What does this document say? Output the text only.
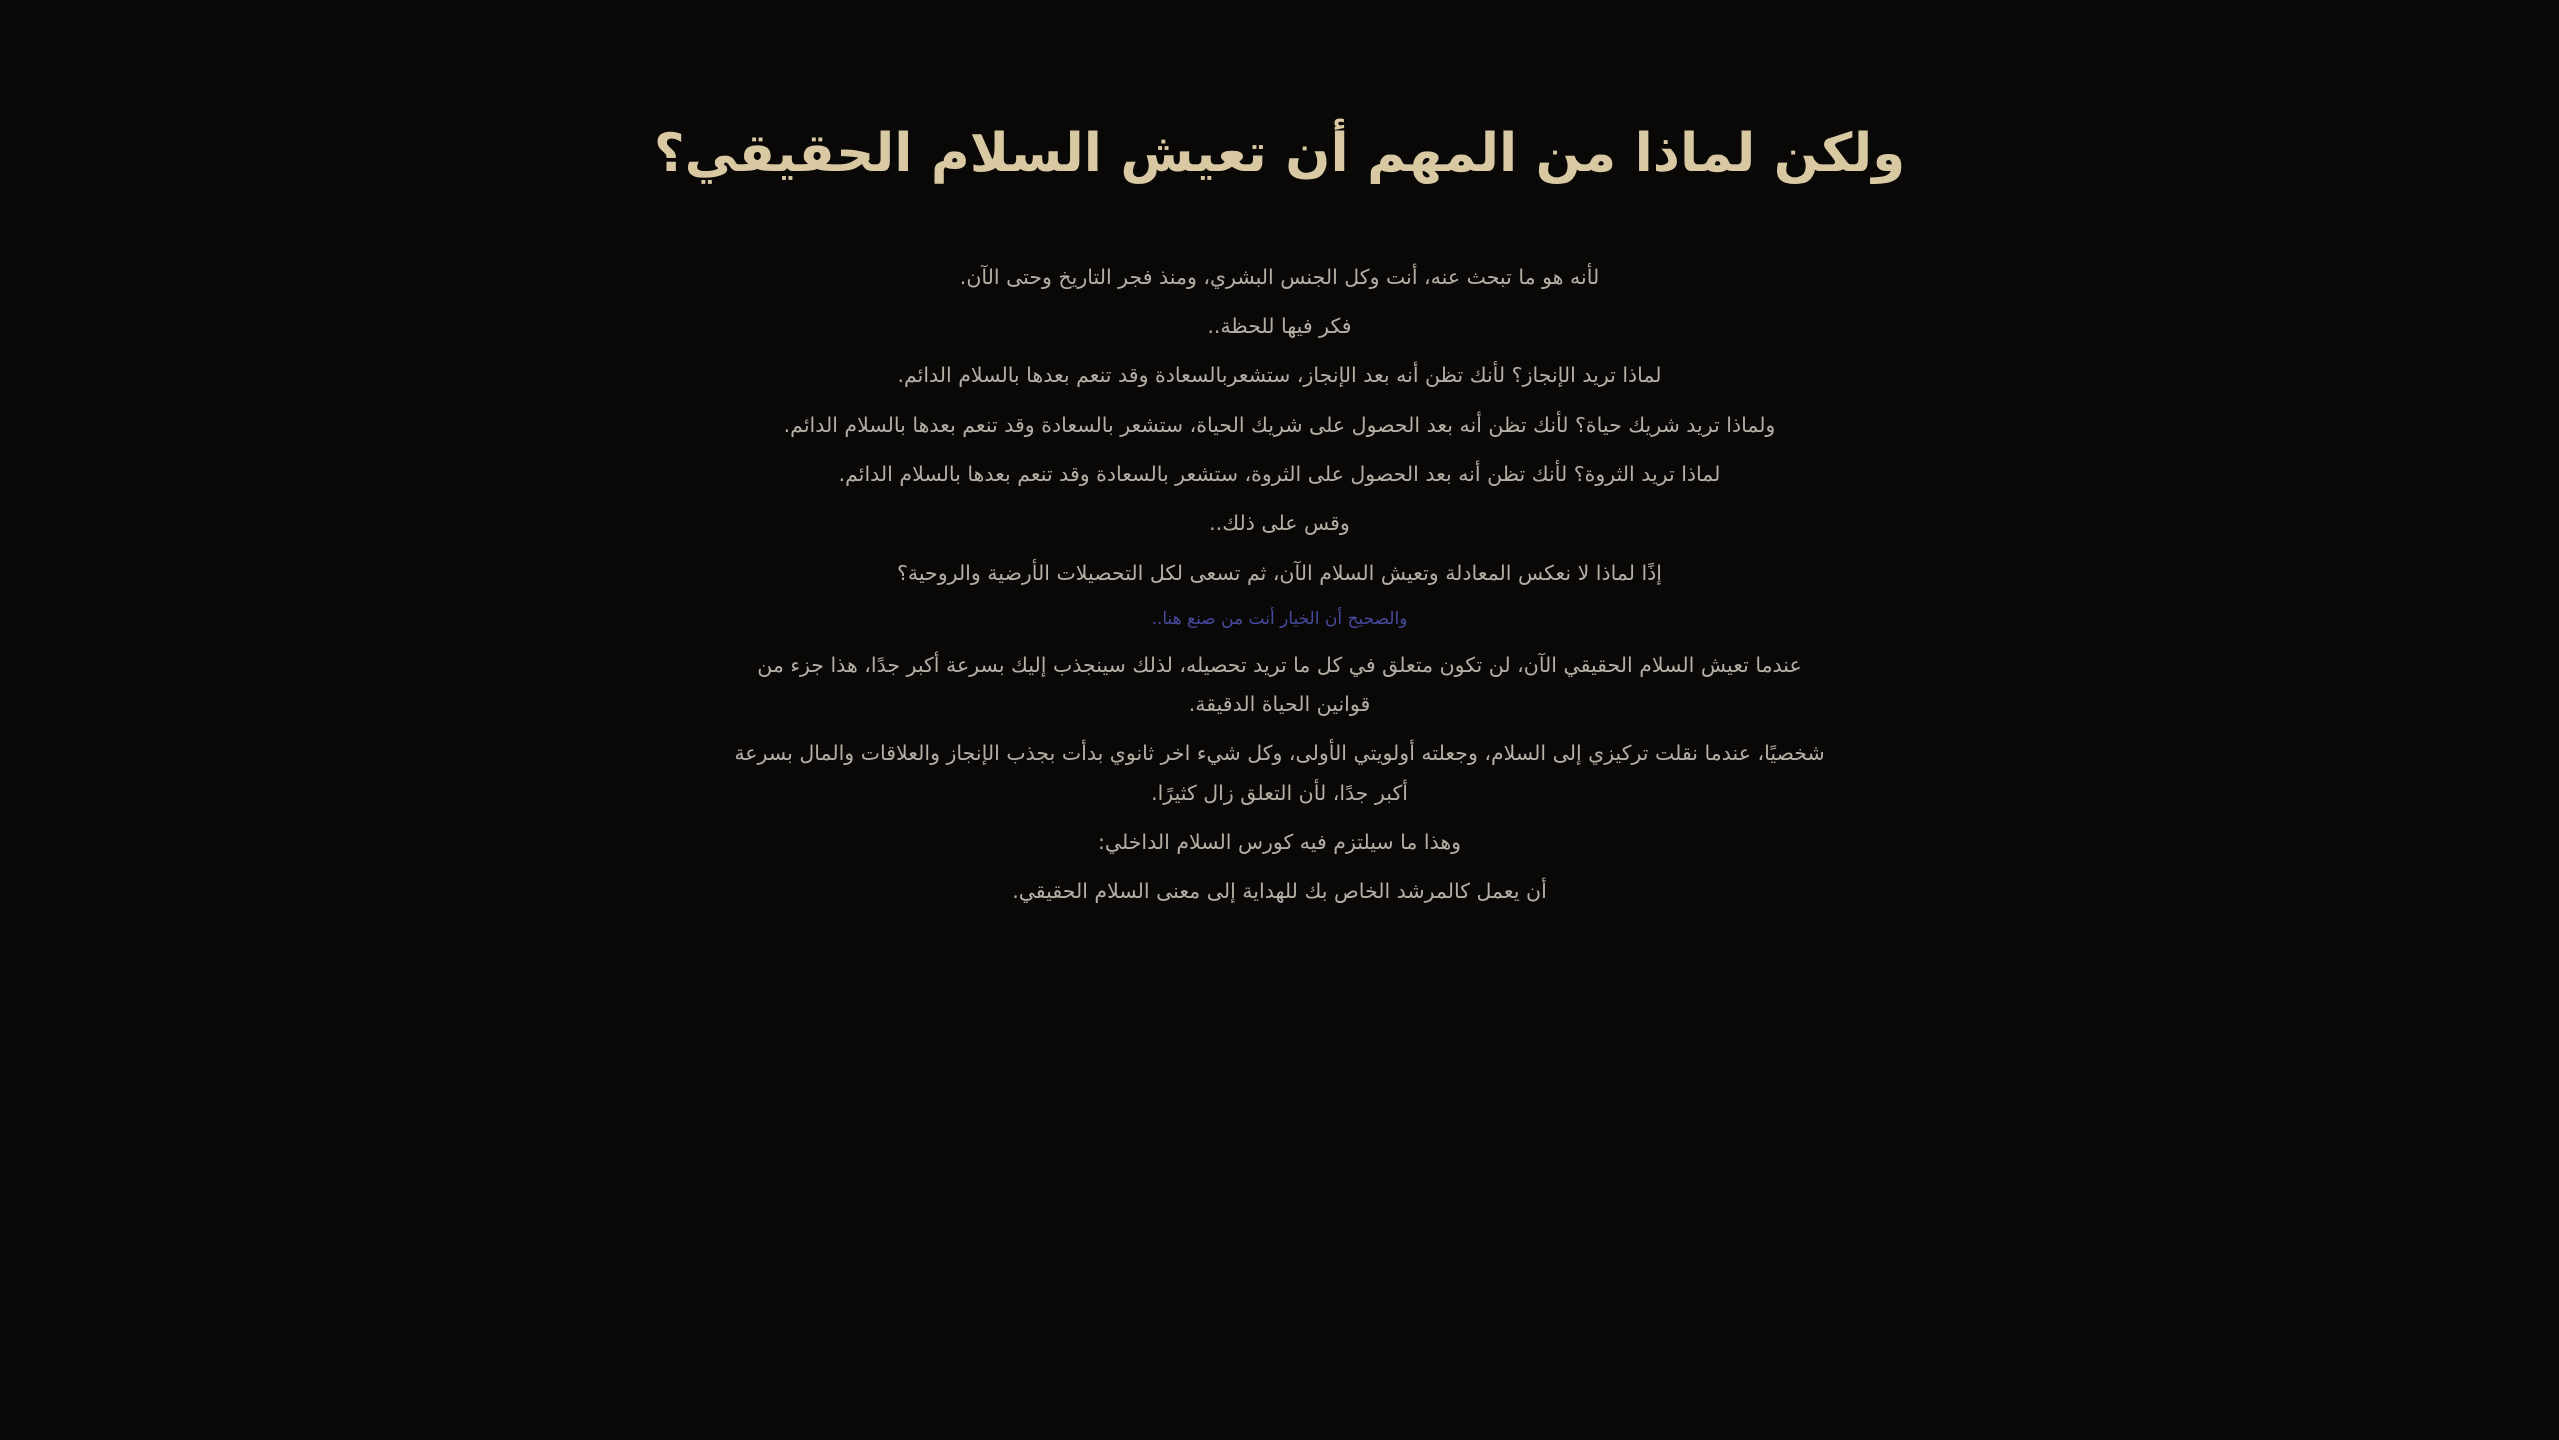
ولكن لماذا من المهم أن تعيش السلام الحقيقي؟

لأنه هو ما تبحث عنه، أنت وكل الجنس البشري، ومنذ فجر التاريخ وحتى الآن.

فكر فيها للحظة..

لماذا تريد الإنجاز؟ لأنك تظن أنه بعد الإنجاز، ستشعربالسعادة وقد تنعم بعدها بالسلام الدائم.

ولماذا تريد شريك حياة؟ لأنك تظن أنه بعد الحصول على شريك الحياة، ستشعر بالسعادة وقد تنعم بعدها بالسلام الدائم.

لماذا تريد الثروة؟ لأنك تظن أنه بعد الحصول على الثروة، ستشعر بالسعادة وقد تنعم بعدها بالسلام الدائم.

وقس على ذلك..

إذًا لماذا لا نعكس المعادلة وتعيش السلام الآن، ثم تسعى لكل التحصيلات الأرضية والروحية؟

والصحيح أن الخيار أنت من صنع هنا..

عندما تعيش السلام الحقيقي الآن، لن تكون متعلق في كل ما تريد تحصيله، لذلك سينجذب إليك بسرعة أكبر جدًا، هذا جزء من قوانين الحياة الدقيقة.

شخصيًا، عندما نقلت تركيزي إلى السلام، وجعلته أولويتي الأولى، وكل شيء اخر ثانوي بدأت بجذب الإنجاز والعلاقات والمال بسرعة أكبر جدًا، لأن التعلق زال كثيرًا.

وهذا ما سيلتزم فيه كورس السلام الداخلي:

أن يعمل كالمرشد الخاص بك للهداية إلى معنى السلام الحقيقي.
